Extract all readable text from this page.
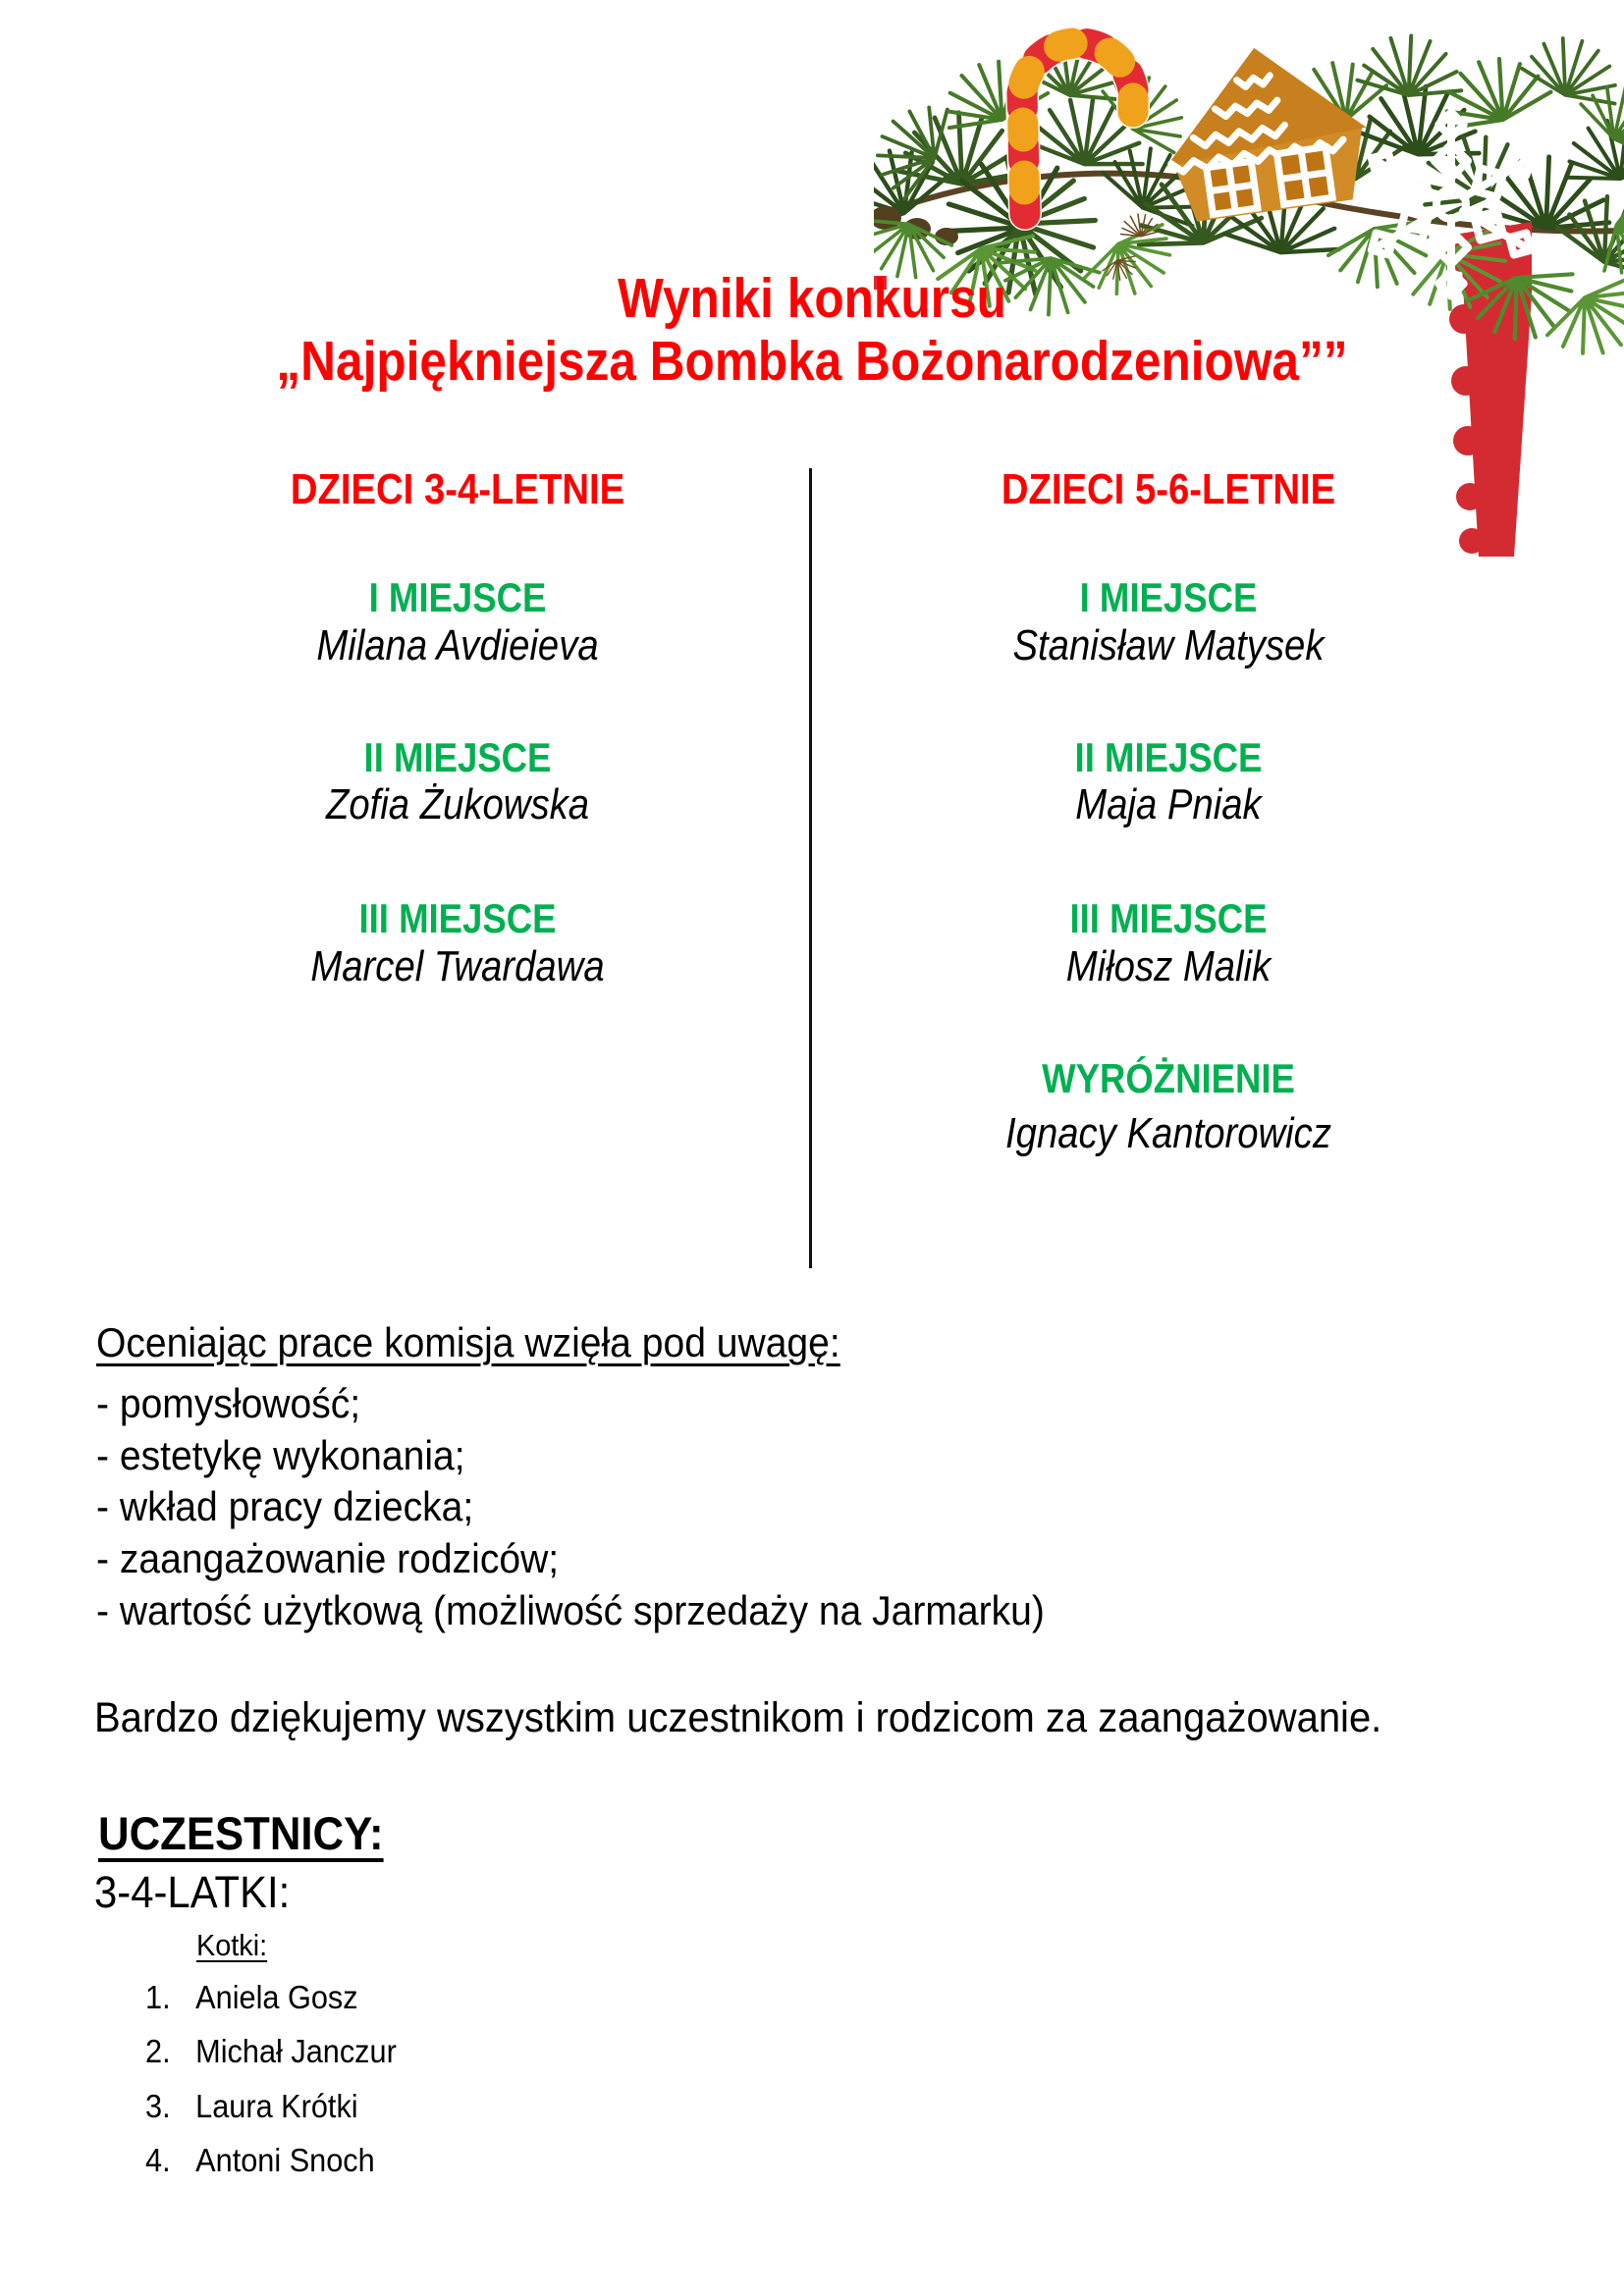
Wyniki konkursu
„Najpiękniejsza Bombka Bożonarodzeniowa””
DZIECI 3-4-LETNIE
I MIEJSCE
Milana Avdieieva
II MIEJSCE
Zofia Żukowska
III MIEJSCE
Marcel Twardawa
DZIECI 5-6-LETNIE
I MIEJSCE
Stanisław Matysek
II MIEJSCE
Maja Pniak
III MIEJSCE
Miłosz Malik
WYRÓŻNIENIE
Ignacy Kantorowicz
Oceniając prace komisja wzięła pod uwagę:
- pomysłowość;
- estetykę wykonania;
- wkład pracy dziecka;
- zaangażowanie rodziców;
- wartość użytkową (możliwość sprzedaży na Jarmarku)
Bardzo dziękujemy wszystkim uczestnikom i rodzicom za zaangażowanie.
UCZESTNICY:
3-4-LATKI:
Kotki:
1. Aniela Gosz
2. Michał Janczur
3. Laura Krótki
4. Antoni Snoch
